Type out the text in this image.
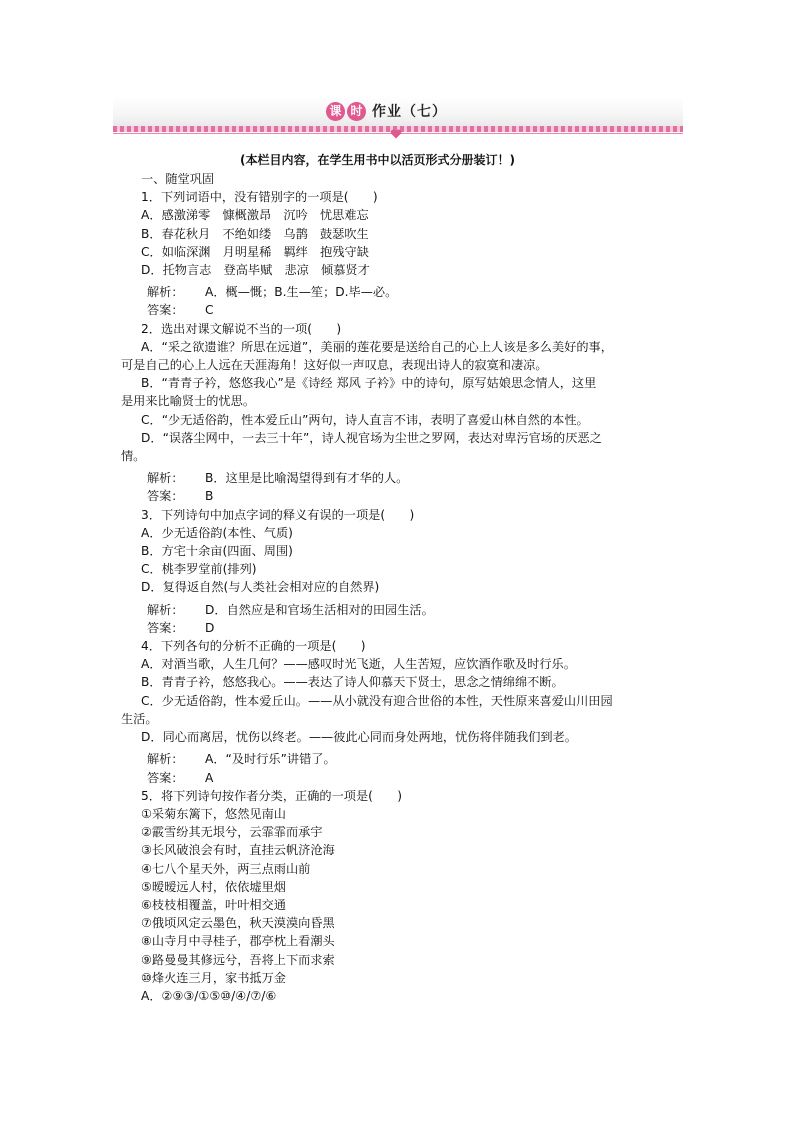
课 时 作业（七）
(本栏目内容，在学生用书中以活页形式分册装订！)
一、随堂巩固
1．下列词语中，没有错别字的一项是(　　)
A．感激涕零　慷概激昂　沉吟　忧思难忘
B．春花秋月　不绝如缕　乌鹊　鼓瑟吹生
C．如临深渊　月明星稀　羁绊　抱残守缺
D．托物言志　登高毕赋　悲凉　倾慕贤才
解析： A．概—慨；B.生—笙；D.毕—必。
答案： C
2．选出对课文解说不当的一项(　　)
A．“采之欲遗谁？所思在远道”，美丽的莲花要是送给自己的心上人该是多么美好的事，
可是自己的心上人远在天涯海角！这好似一声叹息，表现出诗人的寂寞和凄凉。
B．“青青子衿，悠悠我心”是《诗经 郑风 子衿》中的诗句，原写姑娘思念情人，这里
是用来比喻贤士的忧思。
C．“少无适俗韵，性本爱丘山”两句，诗人直言不讳，表明了喜爱山林自然的本性。
D．“误落尘网中，一去三十年”，诗人视官场为尘世之罗网，表达对卑污官场的厌恶之
情。
解析： B．这里是比喻渴望得到有才华的人。
答案： B
3．下列诗句中加点字词的释义有误的一项是(　　)
A．少无适俗韵(本性、气质)
B．方宅十余亩(四面、周围)
C．桃李罗堂前(排列)
D．复得返自然(与人类社会相对应的自然界)
解析： D．自然应是和官场生活相对的田园生活。
答案： D
4．下列各句的分析不正确的一项是(　　)
A．对酒当歌，人生几何？——感叹时光飞逝，人生苦短，应饮酒作歌及时行乐。
B．青青子衿，悠悠我心。——表达了诗人仰慕天下贤士，思念之情绵绵不断。
C．少无适俗韵，性本爱丘山。——从小就没有迎合世俗的本性，天性原来喜爱山川田园
生活。
D．同心而离居，忧伤以终老。——彼此心同而身处两地，忧伤将伴随我们到老。
解析： A．“及时行乐”讲错了。
答案： A
5．将下列诗句按作者分类，正确的一项是(　　)
①采菊东篱下，悠然见南山
②霰雪纷其无垠兮，云霏霏而承宇
③长风破浪会有时，直挂云帆济沧海
④七八个星天外，两三点雨山前
⑤暧暧远人村，依依墟里烟
⑥枝枝相覆盖，叶叶相交通
⑦俄顷风定云墨色，秋天漠漠向昏黑
⑧山寺月中寻桂子，郡亭枕上看潮头
⑨路曼曼其修远兮，吾将上下而求索
⑩烽火连三月，家书抵万金
A．②⑨③/①⑤⑩/④/⑦/⑥
